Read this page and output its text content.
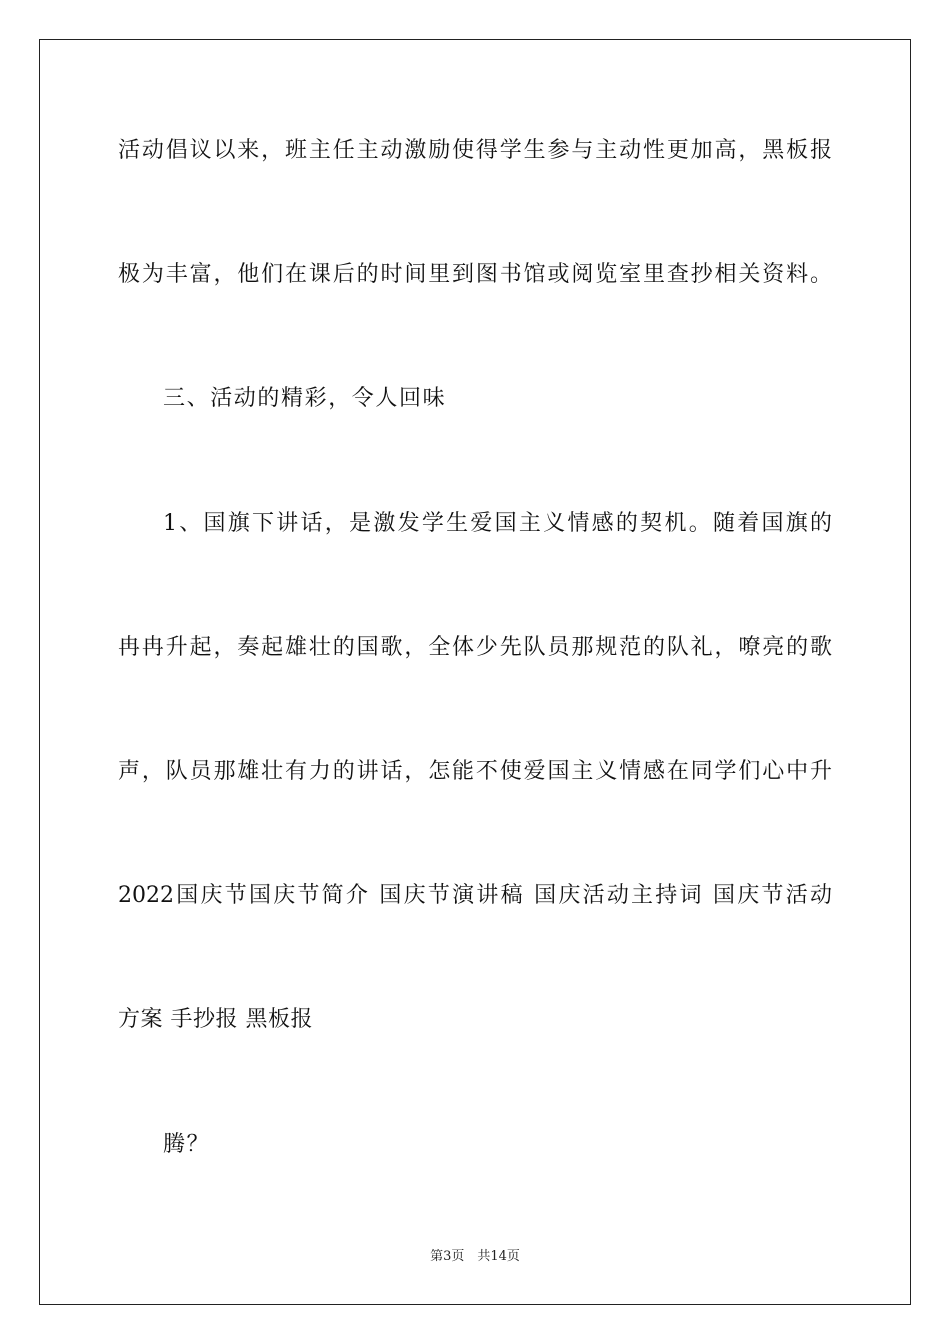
活动倡议以来，班主任主动激励使得学生参与主动性更加高，黑板报
极为丰富，他们在课后的时间里到图书馆或阅览室里查抄相关资料。
三、活动的精彩，令人回味
1、国旗下讲话，是激发学生爱国主义情感的契机。随着国旗的
冉冉升起，奏起雄壮的国歌，全体少先队员那规范的队礼，嘹亮的歌
声，队员那雄壮有力的讲话，怎能不使爱国主义情感在同学们心中升
2022国庆节国庆节简介 国庆节演讲稿 国庆活动主持词 国庆节活动
方案 手抄报 黑板报
腾？
第3页　共14页
